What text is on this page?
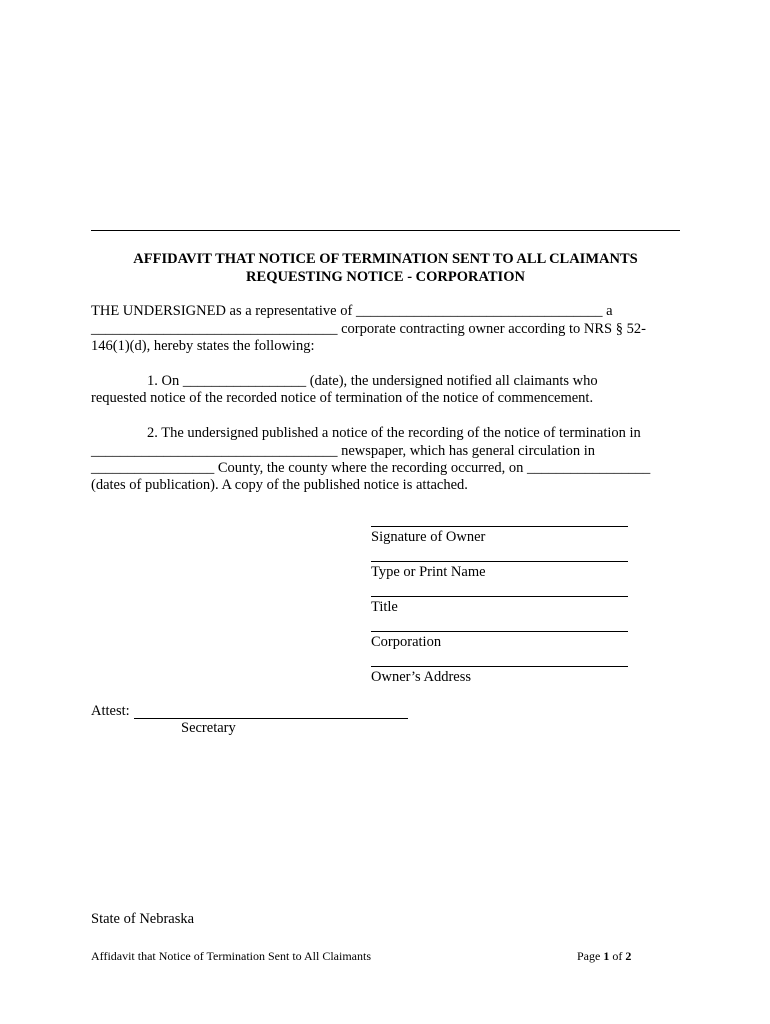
AFFIDAVIT THAT NOTICE OF TERMINATION SENT TO ALL CLAIMANTS
REQUESTING NOTICE - CORPORATION
THE UNDERSIGNED as a representative of __________________________________ a
__________________________________ corporate contracting owner according to NRS § 52-
146(1)(d), hereby states the following:
1. On _________________ (date), the undersigned notified all claimants who
requested notice of the recorded notice of termination of the notice of commencement.
2. The undersigned published a notice of the recording of the notice of termination in
__________________________________ newspaper, which has general circulation in
_________________ County, the county where the recording occurred, on _________________
(dates of publication). A copy of the published notice is attached.
Signature of Owner
Type or Print Name
Title
Corporation
Owner’s Address
Attest:
Secretary
State of Nebraska
Affidavit that Notice of Termination Sent to All Claimants	Page 1 of 2
